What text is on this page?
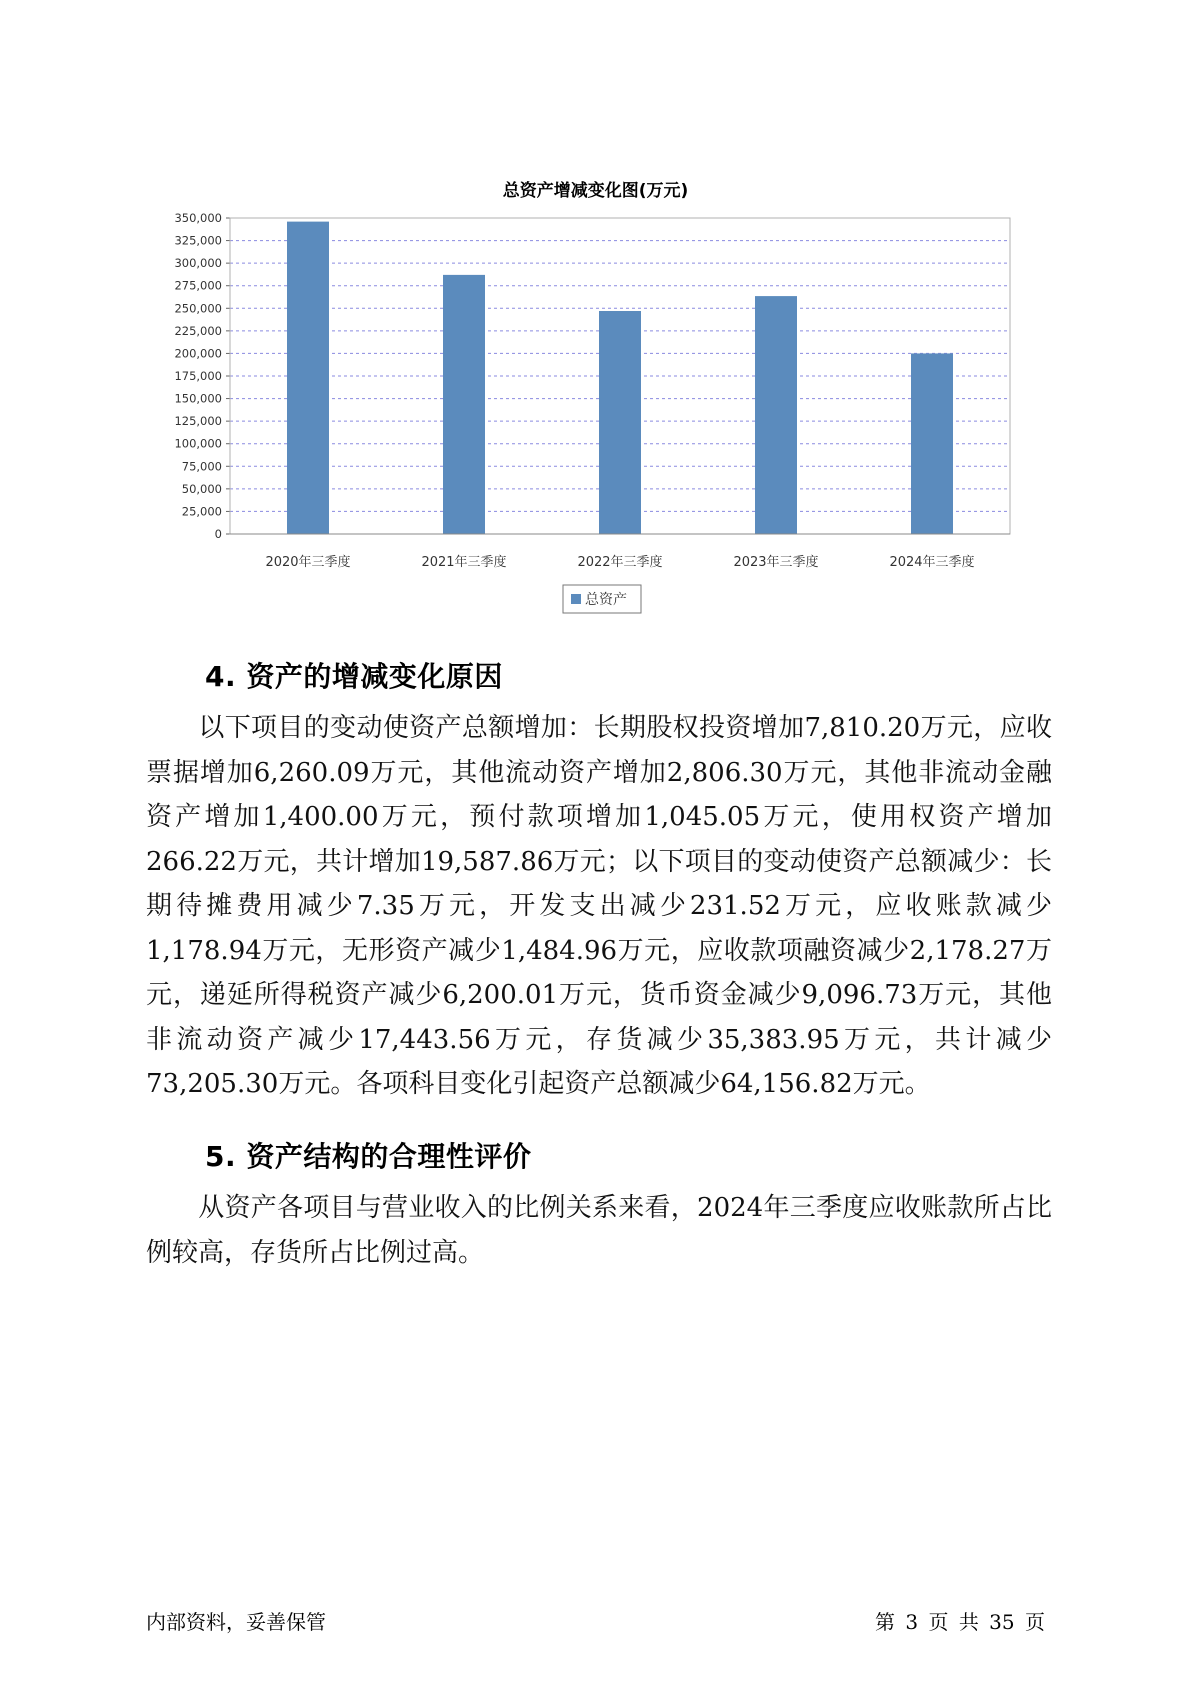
总资产增减变化图(万元)
0
25,000
50,000
75,000
100,000
125,000
150,000
175,000
200,000
225,000
250,000
275,000
300,000
325,000
350,000
2020年三季度	2021年三季度	2022年三季度	2023年三季度	2024年三季度
总资产
4. 资产的增减变化原因
以下项目的变动使资产总额增加：长期股权投资增加7,810.20万元，应收票据增加6,260.09万元，其他流动资产增加2,806.30万元，其他非流动金融资产增加1,400.00万元，预付款项增加1,045.05万元，使用权资产增加266.22万元，共计增加19,587.86万元；以下项目的变动使资产总额减少：长期待摊费用减少7.35万元，开发支出减少231.52万元，应收账款减少1,178.94万元，无形资产减少1,484.96万元，应收款项融资减少2,178.27万元，递延所得税资产减少6,200.01万元，货币资金减少9,096.73万元，其他非流动资产减少17,443.56万元，存货减少35,383.95万元，共计减少73,205.30万元。各项科目变化引起资产总额减少64,156.82万元。
5. 资产结构的合理性评价
从资产各项目与营业收入的比例关系来看，2024年三季度应收账款所占比例较高，存货所占比例过高。
内部资料，妥善保管	第 3 页 共 35 页
